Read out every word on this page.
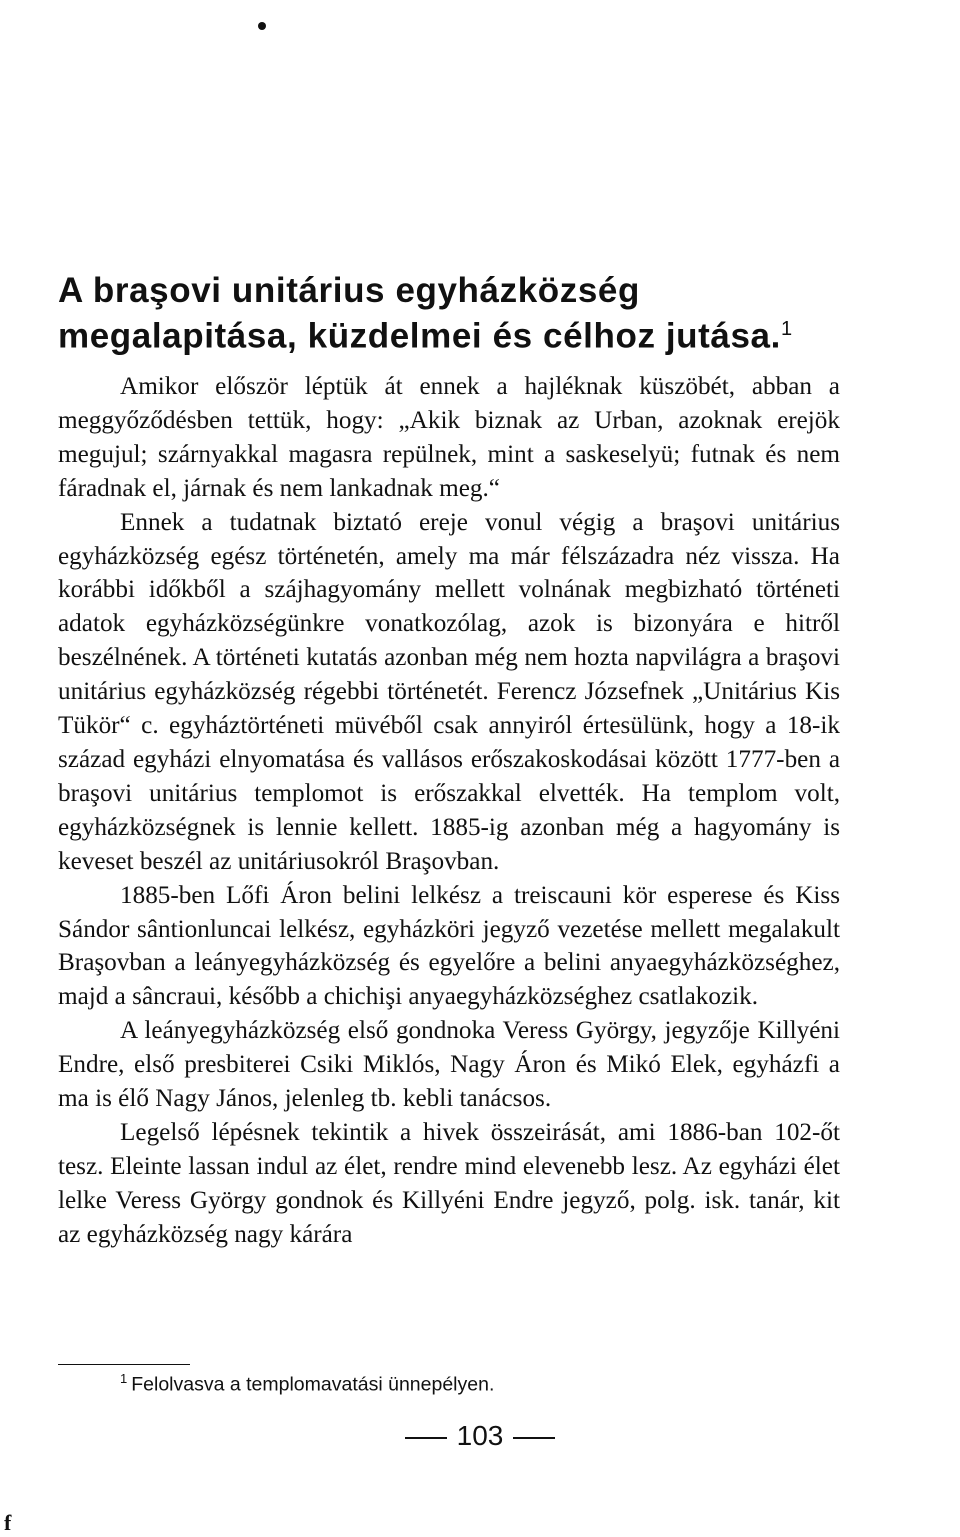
A braşovi unitárius egyházközség megalapitása, küzdelmei és célhoz jutása.$^1$

Amikor először léptük át ennek a hajléknak küszöbét, abban a meggyőződésben tettük, hogy: „Akik biznak az Urban, azoknak erejök megujul; szárnyakkal magasra repülnek, mint a saskeselyü; futnak és nem fáradnak el, járnak és nem lankadnak meg.“

Ennek a tudatnak biztató ereje vonul végig a braşovi unitárius egyházközség egész történetén, amely ma már félszázadra néz vissza. Ha korábbi időkből a szájhagyomány mellett volnának megbizható történeti adatok egyházközségünkre vonatkozólag, azok is bizonyára e hitről beszélnének. A történeti kutatás azonban még nem hozta napvilágra a braşovi unitárius egyházközség régebbi történetét. Ferencz Józsefnek „Unitárius Kis Tükör“ c. egyháztörténeti müvéből csak annyiról értesülünk, hogy a 18-ik század egyházi elnyomatása és vallásos erőszakoskodásai között 1777-ben a braşovi unitárius templomot is erőszakkal elvették. Ha templom volt, egyházközségnek is lennie kellett. 1885-ig azonban még a hagyomány is keveset beszél az unitáriusokról Braşovban.

1885-ben Lőfi Áron belini lelkész a treiscauni kör esperese és Kiss Sándor sântionluncai lelkész, egyházköri jegyző vezetése mellett megalakult Braşovban a leányegyházközség és egyelőre a belini anyaegyházközséghez, majd a sâncraui, később a chichişi anyaegyházközséghez csatlakozik.

A leányegyházközség első gondnoka Veress György, jegyzője Killyéni Endre, első presbiterei Csiki Miklós, Nagy Áron és Mikó Elek, egyházfi a ma is élő Nagy János, jelenleg tb. kebli tanácsos.

Legelső lépésnek tekintik a hivek összeirását, ami 1886-ban 102-őt tesz. Eleinte lassan indul az élet, rendre mind elevenebb lesz. Az egyházi élet lelke Veress György gondnok és Killyéni Endre jegyző, polg. isk. tanár, kit az egyházközség nagy kárára

$^1$ Felolvasva a templomavatási ünnepélyen.

103
f
